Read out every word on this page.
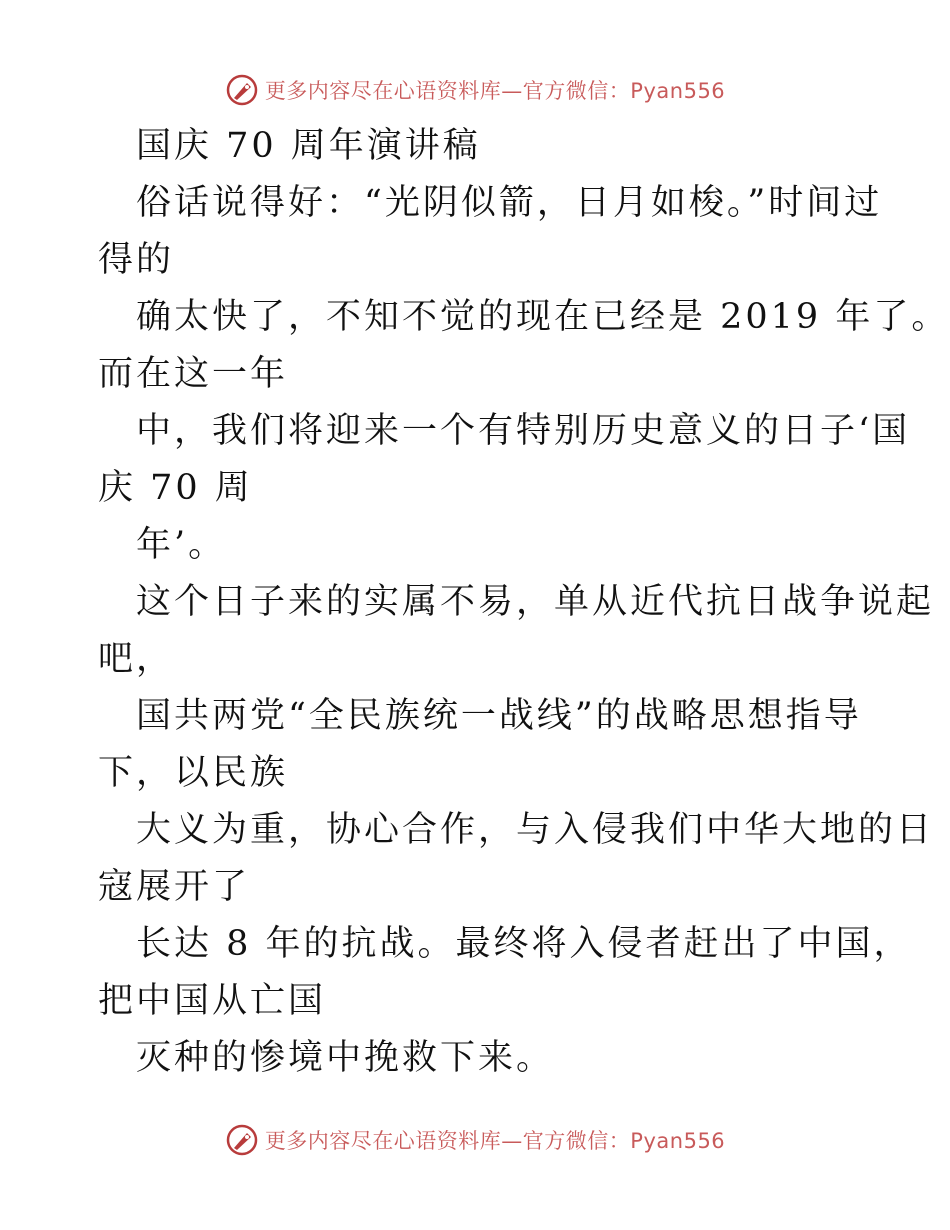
更多内容尽在心语资料库—官方微信：Pyan556
国庆 70 周年演讲稿
俗话说得好：“光阴似箭，日月如梭。”时间过
得的
确太快了，不知不觉的现在已经是 2019 年了。
而在这一年
中，我们将迎来一个有特别历史意义的日子‘国
庆 70 周
年’。
这个日子来的实属不易，单从近代抗日战争说起
吧，
国共两党“全民族统一战线”的战略思想指导
下，以民族
大义为重，协心合作，与入侵我们中华大地的日
寇展开了
长达 8 年的抗战。最终将入侵者赶出了中国，
把中国从亡国
灭种的惨境中挽救下来。
更多内容尽在心语资料库—官方微信：Pyan556
